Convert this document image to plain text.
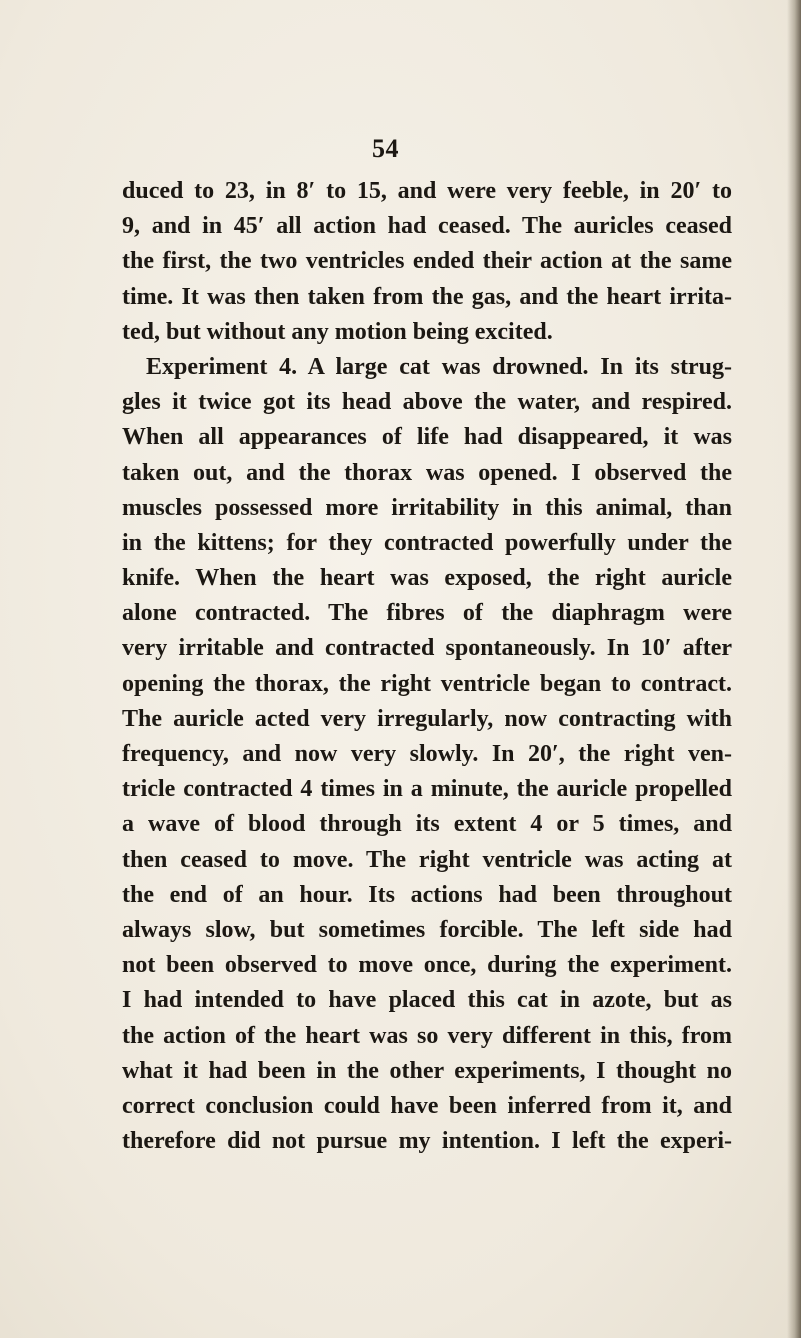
54

duced to 23, in 8′ to 15, and were very feeble, in 20′ to
9, and in 45′ all action had ceased. The auricles ceased
the first, the two ventricles ended their action at the same
time. It was then taken from the gas, and the heart irrita-
ted, but without any motion being excited.
Experiment 4. A large cat was drowned. In its strug-
gles it twice got its head above the water, and respired.
When all appearances of life had disappeared, it was
taken out, and the thorax was opened. I observed the
muscles possessed more irritability in this animal, than
in the kittens; for they contracted powerfully under the
knife. When the heart was exposed, the right auricle
alone contracted. The fibres of the diaphragm were
very irritable and contracted spontaneously. In 10′ after
opening the thorax, the right ventricle began to contract.
The auricle acted very irregularly, now contracting with
frequency, and now very slowly. In 20′, the right ven-
tricle contracted 4 times in a minute, the auricle propelled
a wave of blood through its extent 4 or 5 times, and
then ceased to move. The right ventricle was acting at
the end of an hour. Its actions had been throughout
always slow, but sometimes forcible. The left side had
not been observed to move once, during the experiment.
I had intended to have placed this cat in azote, but as
the action of the heart was so very different in this, from
what it had been in the other experiments, I thought no
correct conclusion could have been inferred from it, and
therefore did not pursue my intention. I left the experi-
